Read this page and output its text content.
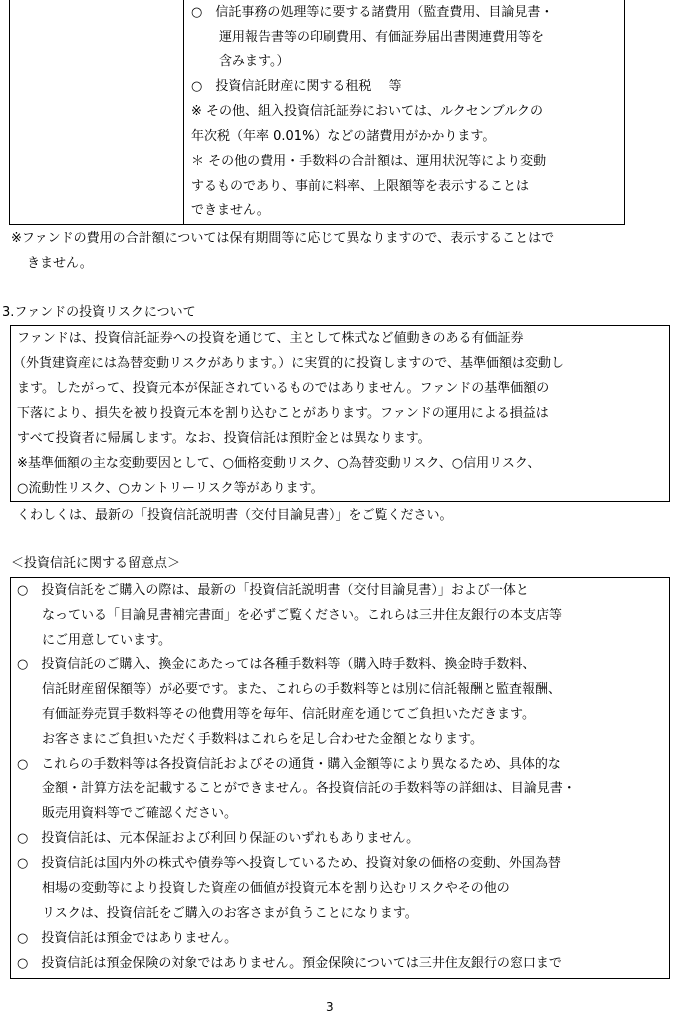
○　信託事務の処理等に要する諸費用（監査費用、目論見書・
運用報告書等の印刷費用、有価証券届出書関連費用等を
含みます。）
○　投資信託財産に関する租税　 等
※ その他、組入投資信託証券においては、ルクセンブルクの
年次税（年率 0.01%）などの諸費用がかかります。
＊ その他の費用・手数料の合計額は、運用状況等により変動
するものであり、事前に料率、上限額等を表示することは
できません。
※ファンドの費用の合計額については保有期間等に応じて異なりますので、表示することはで
きません。
3.ファンドの投資リスクについて
ファンドは、投資信託証券への投資を通じて、主として株式など値動きのある有価証券
（外貨建資産には為替変動リスクがあります。）に実質的に投資しますので、基準価額は変動し
ます。したがって、投資元本が保証されているものではありません。ファンドの基準価額の
下落により、損失を被り投資元本を割り込むことがあります。ファンドの運用による損益は
すべて投資者に帰属します。なお、投資信託は預貯金とは異なります。
※基準価額の主な変動要因として、○価格変動リスク、○為替変動リスク、○信用リスク、
○流動性リスク、○カントリーリスク等があります。
くわしくは、最新の「投資信託説明書（交付目論見書）」をご覧ください。
＜投資信託に関する留意点＞
○　投資信託をご購入の際は、最新の「投資信託説明書（交付目論見書）」および一体と
なっている「目論見書補完書面」を必ずご覧ください。これらは三井住友銀行の本支店等
にご用意しています。
○　投資信託のご購入、換金にあたっては各種手数料等（購入時手数料、換金時手数料、
信託財産留保額等）が必要です。また、これらの手数料等とは別に信託報酬と監査報酬、
有価証券売買手数料等その他費用等を毎年、信託財産を通じてご負担いただきます。
お客さまにご負担いただく手数料はこれらを足し合わせた金額となります。
○　これらの手数料等は各投資信託およびその通貨・購入金額等により異なるため、具体的な
金額・計算方法を記載することができません。各投資信託の手数料等の詳細は、目論見書・
販売用資料等でご確認ください。
○　投資信託は、元本保証および利回り保証のいずれもありません。
○　投資信託は国内外の株式や債券等へ投資しているため、投資対象の価格の変動、外国為替
相場の変動等により投資した資産の価値が投資元本を割り込むリスクやその他の
リスクは、投資信託をご購入のお客さまが負うことになります。
○　投資信託は預金ではありません。
○　投資信託は預金保険の対象ではありません。預金保険については三井住友銀行の窓口まで
3
